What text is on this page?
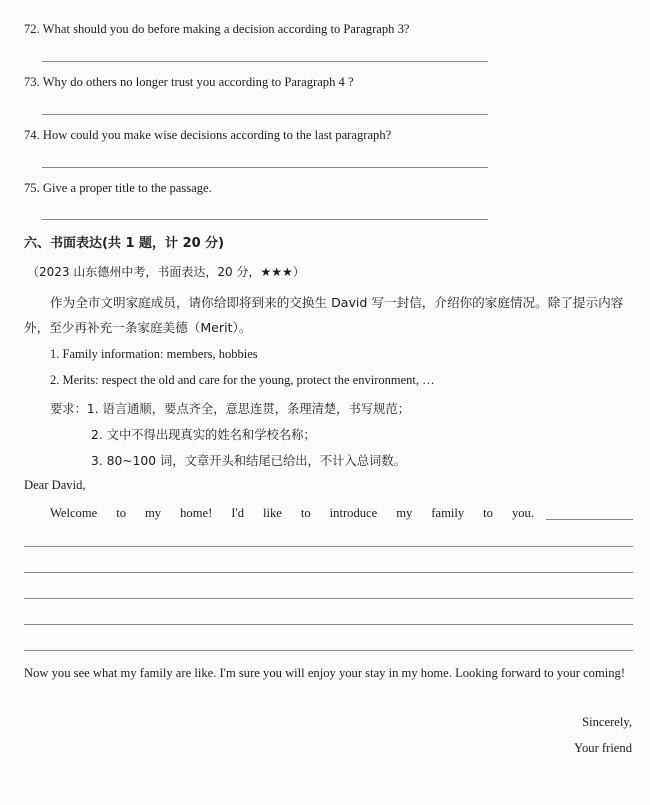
72. What should you do before making a decision according to Paragraph 3?
73. Why do others no longer trust you according to Paragraph 4 ?
74. How could you make wise decisions according to the last paragraph?
75. Give a proper title to the passage.
六、书面表达(共 1 题，计 20 分)
（2023 山东德州中考，书面表达，20 分，★★★）
作为全市文明家庭成员，请你给即将到来的交换生 David 写一封信，介绍你的家庭情况。除了提示内容外，至少再补充一条家庭美德（Merit）。
1. Family information: members, hobbies
2. Merits: respect the old and care for the young, protect the environment, …
要求：1. 语言通顺，要点齐全，意思连贯，条理清楚，书写规范；
2. 文中不得出现真实的姓名和学校名称；
3. 80~100 词，文章开头和结尾已给出，不计入总词数。
Dear David,
Welcome to my home! I'd like to introduce my family to you.
Now you see what my family are like. I'm sure you will enjoy your stay in my home. Looking forward to your coming!
Sincerely,
Your friend
